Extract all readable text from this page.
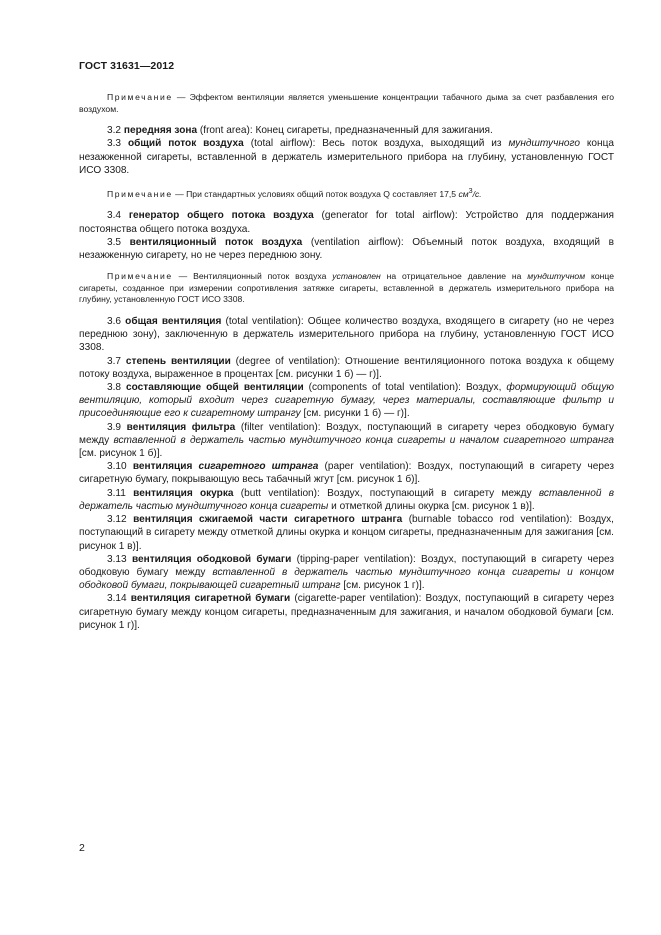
ГОСТ 31631—2012

Примечание — Эффектом вентиляции является уменьшение концентрации табачного дыма за счет разбавления его воздухом.

3.2 передняя зона (front area): Конец сигареты, предназначенный для зажигания.

3.3 общий поток воздуха (total airflow): Весь поток воздуха, выходящий из мундштучного конца незажженной сигареты, вставленной в держатель измерительного прибора на глубину, установленную ГОСТ ИСО 3308.

Примечание — При стандартных условиях общий поток воздуха Q составляет 17,5 $см^3/с$.

3.4 генератор общего потока воздуха (generator for total airflow): Устройство для поддержания постоянства общего потока воздуха.

3.5 вентиляционный поток воздуха (ventilation airflow): Объемный поток воздуха, входящий в незажженную сигарету, но не через переднюю зону.

Примечание — Вентиляционный поток воздуха установлен на отрицательное давление на мундштучном конце сигареты, созданное при измерении сопротивления затяжке сигареты, вставленной в держатель измерительного прибора на глубину, установленную ГОСТ ИСО 3308.

3.6 общая вентиляция (total ventilation): Общее количество воздуха, входящего в сигарету (но не через переднюю зону), заключенную в держатель измерительного прибора на глубину, установленную ГОСТ ИСО 3308.

3.7 степень вентиляции (degree of ventilation): Отношение вентиляционного потока воздуха к общему потоку воздуха, выраженное в процентах [см. рисунки 1 б) — г)].

3.8 составляющие общей вентиляции (components of total ventilation): Воздух, формирующий общую вентиляцию, который входит через сигаретную бумагу, через материалы, составляющие фильтр и присоединяющие его к сигаретному штрангу [см. рисунки 1 б) — г)].

3.9 вентиляция фильтра (filter ventilation): Воздух, поступающий в сигарету через ободковую бумагу между вставленной в держатель частью мундштучного конца сигареты и началом сигаретного штранга [см. рисунок 1 б)].

3.10 вентиляция сигаретного штранга (paper ventilation): Воздух, поступающий в сигарету через сигаретную бумагу, покрывающую весь табачный жгут [см. рисунок 1 б)].

3.11 вентиляция окурка (butt ventilation): Воздух, поступающий в сигарету между вставленной в держатель частью мундштучного конца сигареты и отметкой длины окурка [см. рисунок 1 в)].

3.12 вентиляция сжигаемой части сигаретного штранга (burnable tobacco rod ventilation): Воздух, поступающий в сигарету между отметкой длины окурка и концом сигареты, предназначенным для зажигания [см. рисунок 1 в)].

3.13 вентиляция ободковой бумаги (tipping-paper ventilation): Воздух, поступающий в сигарету через ободковую бумагу между вставленной в держатель частью мундштучного конца сигареты и концом ободковой бумаги, покрывающей сигаретный штранг [см. рисунок 1 г)].

3.14 вентиляция сигаретной бумаги (cigarette-paper ventilation): Воздух, поступающий в сигарету через сигаретную бумагу между концом сигареты, предназначенным для зажигания, и началом ободковой бумаги [см. рисунок 1 г)].

2
